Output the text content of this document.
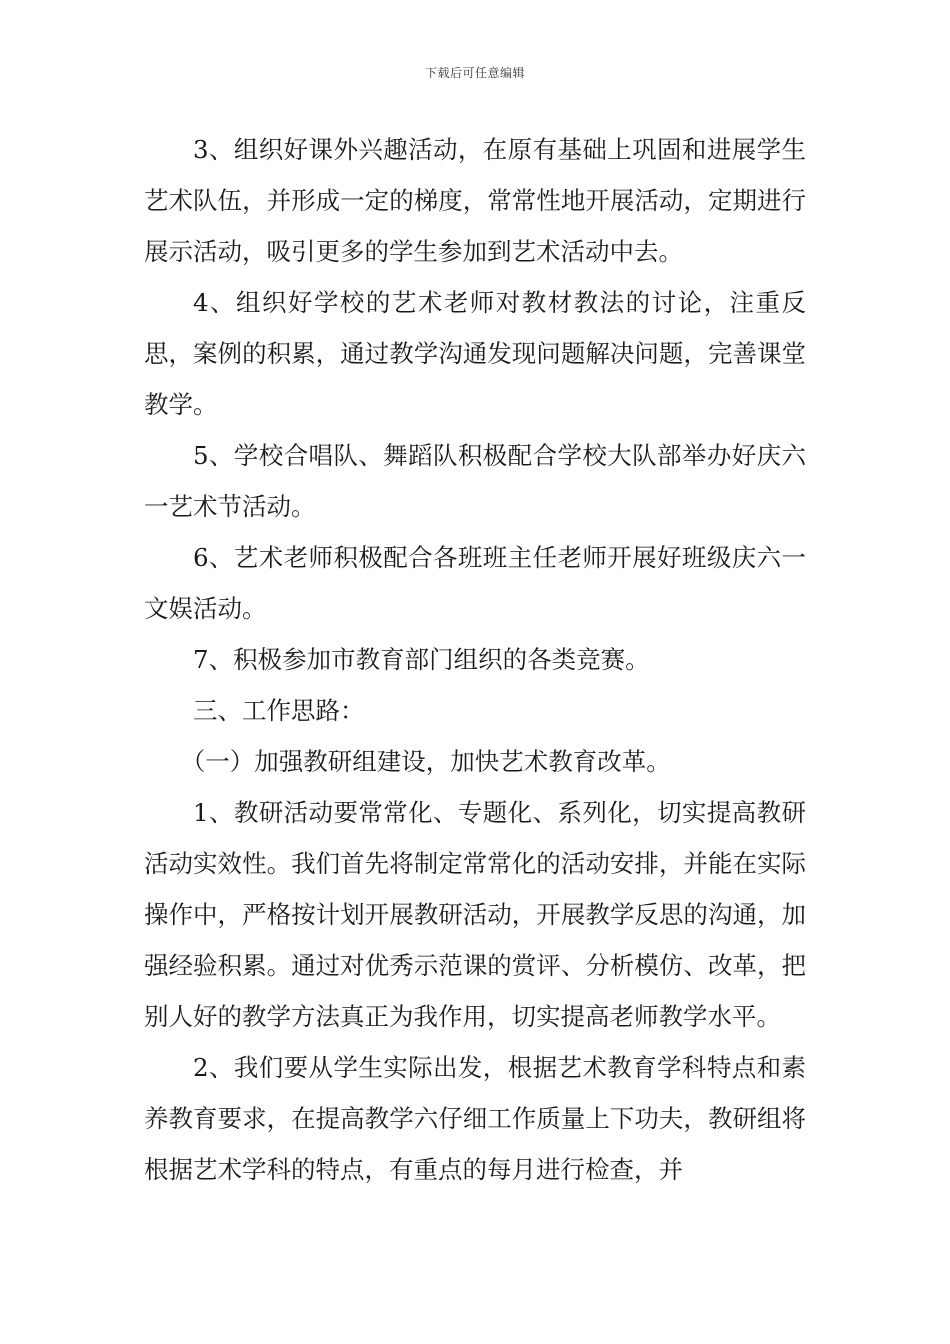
下载后可任意编辑

3、组织好课外兴趣活动，在原有基础上巩固和进展学生艺术队伍，并形成一定的梯度，常常性地开展活动，定期进行展示活动，吸引更多的学生参加到艺术活动中去。

4、组织好学校的艺术老师对教材教法的讨论，注重反思，案例的积累，通过教学沟通发现问题解决问题，完善课堂教学。

5、学校合唱队、舞蹈队积极配合学校大队部举办好庆六一艺术节活动。

6、艺术老师积极配合各班班主任老师开展好班级庆六一文娱活动。

7、积极参加市教育部门组织的各类竞赛。

三、工作思路：

（一）加强教研组建设，加快艺术教育改革。

1、教研活动要常常化、专题化、系列化，切实提高教研活动实效性。我们首先将制定常常化的活动安排，并能在实际操作中，严格按计划开展教研活动，开展教学反思的沟通，加强经验积累。通过对优秀示范课的赏评、分析模仿、改革，把别人好的教学方法真正为我作用，切实提高老师教学水平。

2、我们要从学生实际出发，根据艺术教育学科特点和素养教育要求，在提高教学六仔细工作质量上下功夫，教研组将根据艺术学科的特点，有重点的每月进行检查，并
